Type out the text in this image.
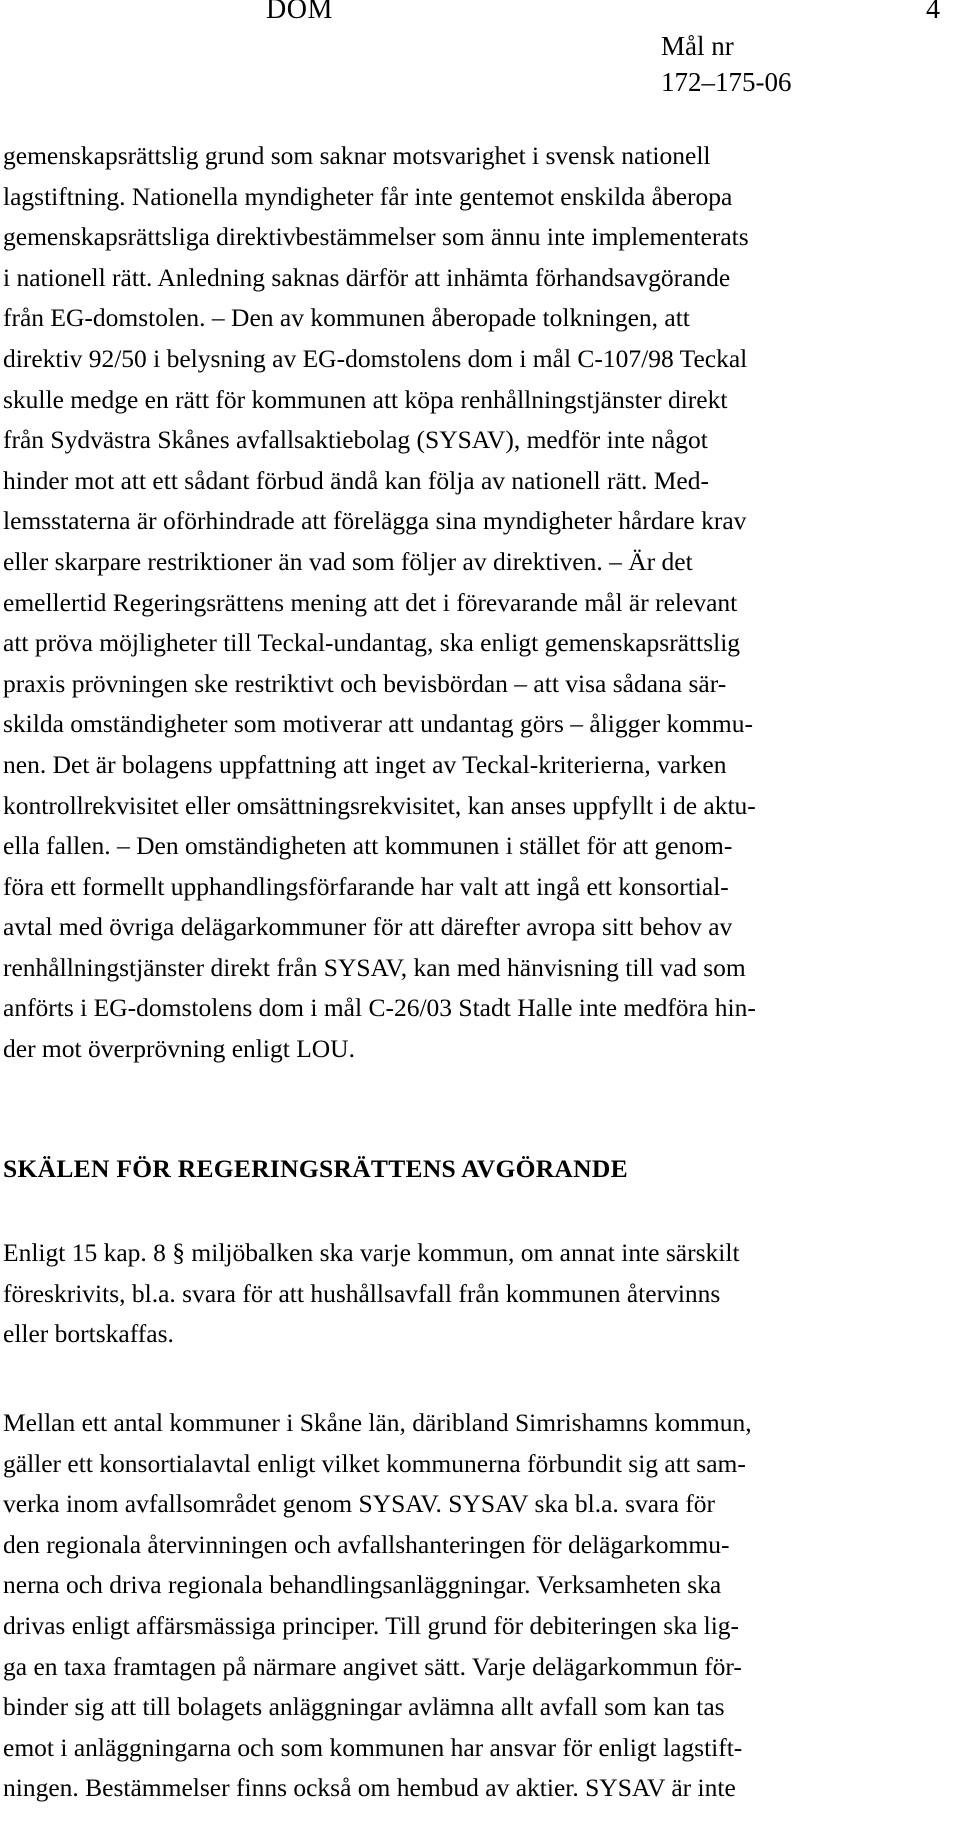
DOM	4
Mål nr
172–175-06
gemenskapsrättslig grund som saknar motsvarighet i svensk nationell
lagstiftning. Nationella myndigheter får inte gentemot enskilda åberopa
gemenskapsrättsliga direktivbestämmelser som ännu inte implementerats
i nationell rätt. Anledning saknas därför att inhämta förhandsavgörande
från EG-domstolen. – Den av kommunen åberopade tolkningen, att
direktiv 92/50 i belysning av EG-domstolens dom i mål C-107/98 Teckal
skulle medge en rätt för kommunen att köpa renhållningstjänster direkt
från Sydvästra Skånes avfallsaktiebolag (SYSAV), medför inte något
hinder mot att ett sådant förbud ändå kan följa av nationell rätt. Med-
lemsstaterna är oförhindrade att förelägga sina myndigheter hårdare krav
eller skarpare restriktioner än vad som följer av direktiven. – Är det
emellertid Regeringsrättens mening att det i förevarande mål är relevant
att pröva möjligheter till Teckal-undantag, ska enligt gemenskapsrättslig
praxis prövningen ske restriktivt och bevisbördan – att visa sådana sär-
skilda omständigheter som motiverar att undantag görs – åligger kommu-
nen. Det är bolagens uppfattning att inget av Teckal-kriterierna, varken
kontrollrekvisitet eller omsättningsrekvisitet, kan anses uppfyllt i de aktu-
ella fallen. – Den omständigheten att kommunen i stället för att genom-
föra ett formellt upphandlingsförfarande har valt att ingå ett konsortial-
avtal med övriga delägarkommuner för att därefter avropa sitt behov av
renhållningstjänster direkt från SYSAV, kan med hänvisning till vad som
anförts i EG-domstolens dom i mål C-26/03 Stadt Halle inte medföra hin-
der mot överprövning enligt LOU.
SKÄLEN FÖR REGERINGSRÄTTENS AVGÖRANDE
Enligt 15 kap. 8 § miljöbalken ska varje kommun, om annat inte särskilt
föreskrivits, bl.a. svara för att hushållsavfall från kommunen återvinns
eller bortskaffas.
Mellan ett antal kommuner i Skåne län, däribland Simrishamns kommun,
gäller ett konsortialavtal enligt vilket kommunerna förbundit sig att sam-
verka inom avfallsområdet genom SYSAV. SYSAV ska bl.a. svara för
den regionala återvinningen och avfallshanteringen för delägarkommu-
nerna och driva regionala behandlingsanläggningar. Verksamheten ska
drivas enligt affärsmässiga principer. Till grund för debiteringen ska lig-
ga en taxa framtagen på närmare angivet sätt. Varje delägarkommun för-
binder sig att till bolagets anläggningar avlämna allt avfall som kan tas
emot i anläggningarna och som kommunen har ansvar för enligt lagstift-
ningen. Bestämmelser finns också om hembud av aktier. SYSAV är inte
